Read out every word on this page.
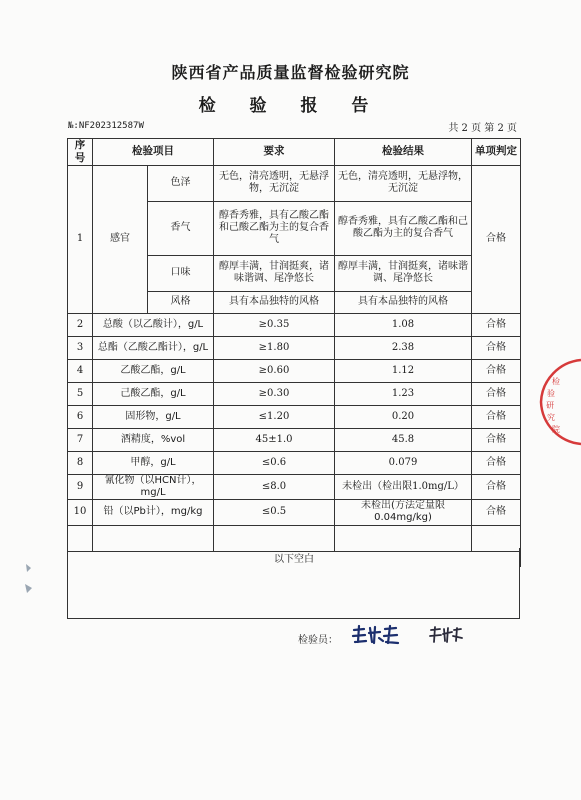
陕西省产品质量监督检验研究院
检 验 报 告
№:NF202312587W	共 2 页 第 2 页
序号	检验项目		要求	检验结果	单项判定
1	感官	色泽	无色，清亮透明，无悬浮物，无沉淀	无色，清亮透明，无悬浮物，无沉淀	合格
		香气	醇香秀雅，具有乙酸乙酯和己酸乙酯为主的复合香气	醇香秀雅，具有乙酸乙酯和己酸乙酯为主的复合香气	
		口味	醇厚丰满，甘润挺爽，诸味谐调、尾净悠长	醇厚丰满，甘润挺爽，诸味谐调、尾净悠长	
		风格	具有本品独特的风格	具有本品独特的风格	
2	总酸（以乙酸计），g/L		≥0.35	1.08	合格
3	总酯（乙酸乙酯计），g/L		≥1.80	2.38	合格
4	乙酸乙酯，g/L		≥0.60	1.12	合格
5	己酸乙酯，g/L		≥0.30	1.23	合格
6	固形物，g/L		≤1.20	0.20	合格
7	酒精度，%vol		45±1.0	45.8	合格
8	甲醇，g/L		≤0.6	0.079	合格
9	氰化物（以HCN计），mg/L		≤8.0	未检出（检出限1.0mg/L）	合格
10	铅（以Pb计），mg/kg		≤0.5	未检出(方法定量限0.04mg/kg)	合格

以下空白					
检验员：
检
验
研
究
院
